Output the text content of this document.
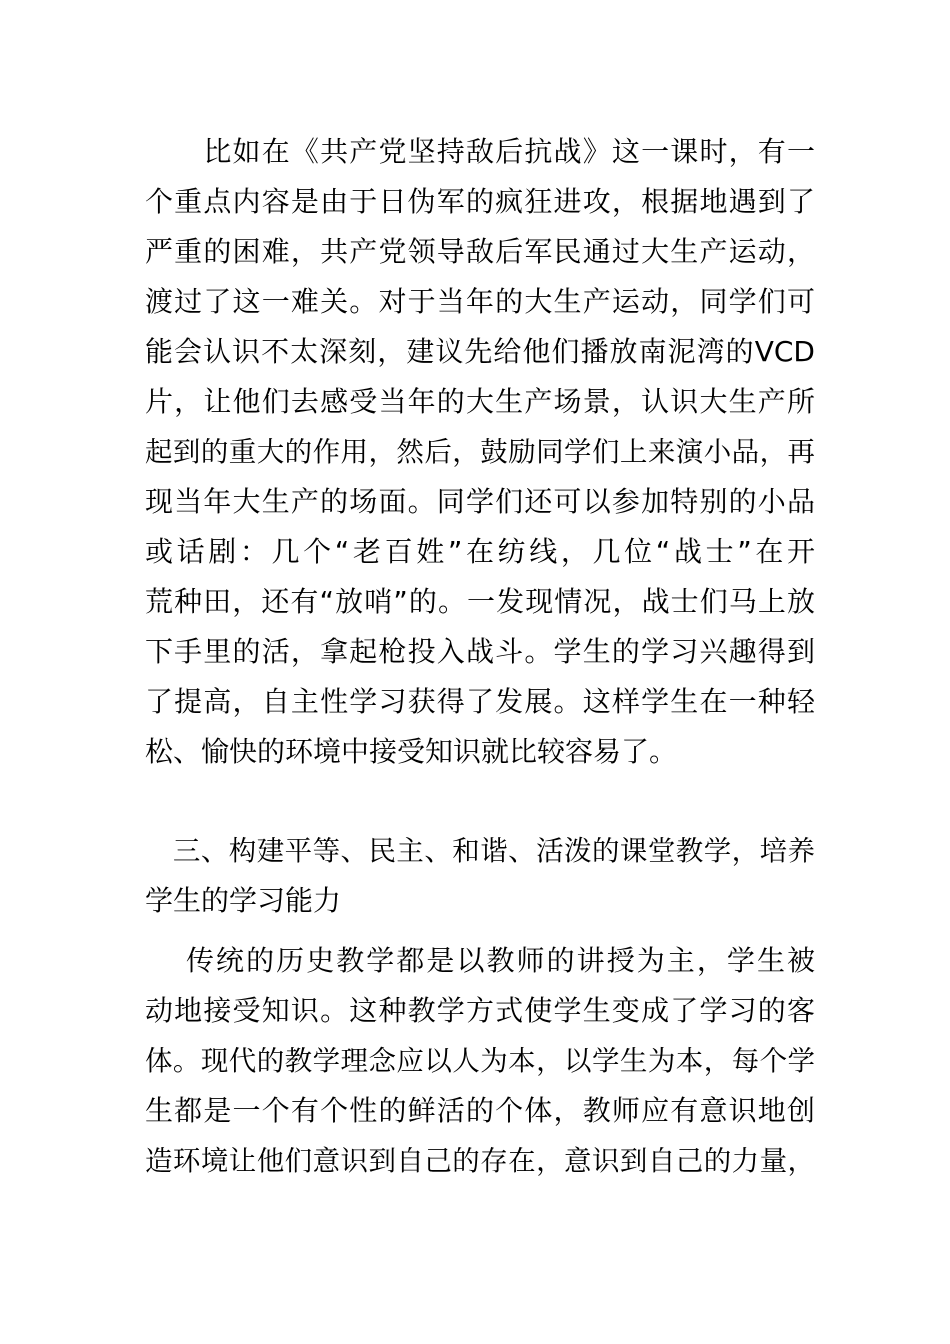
　　比如在《共产党坚持敌后抗战》这一课时，有一
个重点内容是由于日伪军的疯狂进攻，根据地遇到了
严重的困难，共产党领导敌后军民通过大生产运动，
渡过了这一难关。对于当年的大生产运动，同学们可
能会认识不太深刻，建议先给他们播放南泥湾的VCD
片，让他们去感受当年的大生产场景，认识大生产所
起到的重大的作用，然后，鼓励同学们上来演小品，再
现当年大生产的场面。同学们还可以参加特别的小品
或话剧：几个“老百姓”在纺线，几位“战士”在开
荒种田，还有“放哨”的。一发现情况，战士们马上放
下手里的活，拿起枪投入战斗。学生的学习兴趣得到
了提高，自主性学习获得了发展。这样学生在一种轻
松、愉快的环境中接受知识就比较容易了。
　三、构建平等、民主、和谐、活泼的课堂教学，培养
学生的学习能力
　 传统的历史教学都是以教师的讲授为主，学生被
动地接受知识。这种教学方式使学生变成了学习的客
体。现代的教学理念应以人为本，以学生为本，每个学
生都是一个有个性的鲜活的个体，教师应有意识地创
造环境让他们意识到自己的存在，意识到自己的力量，
